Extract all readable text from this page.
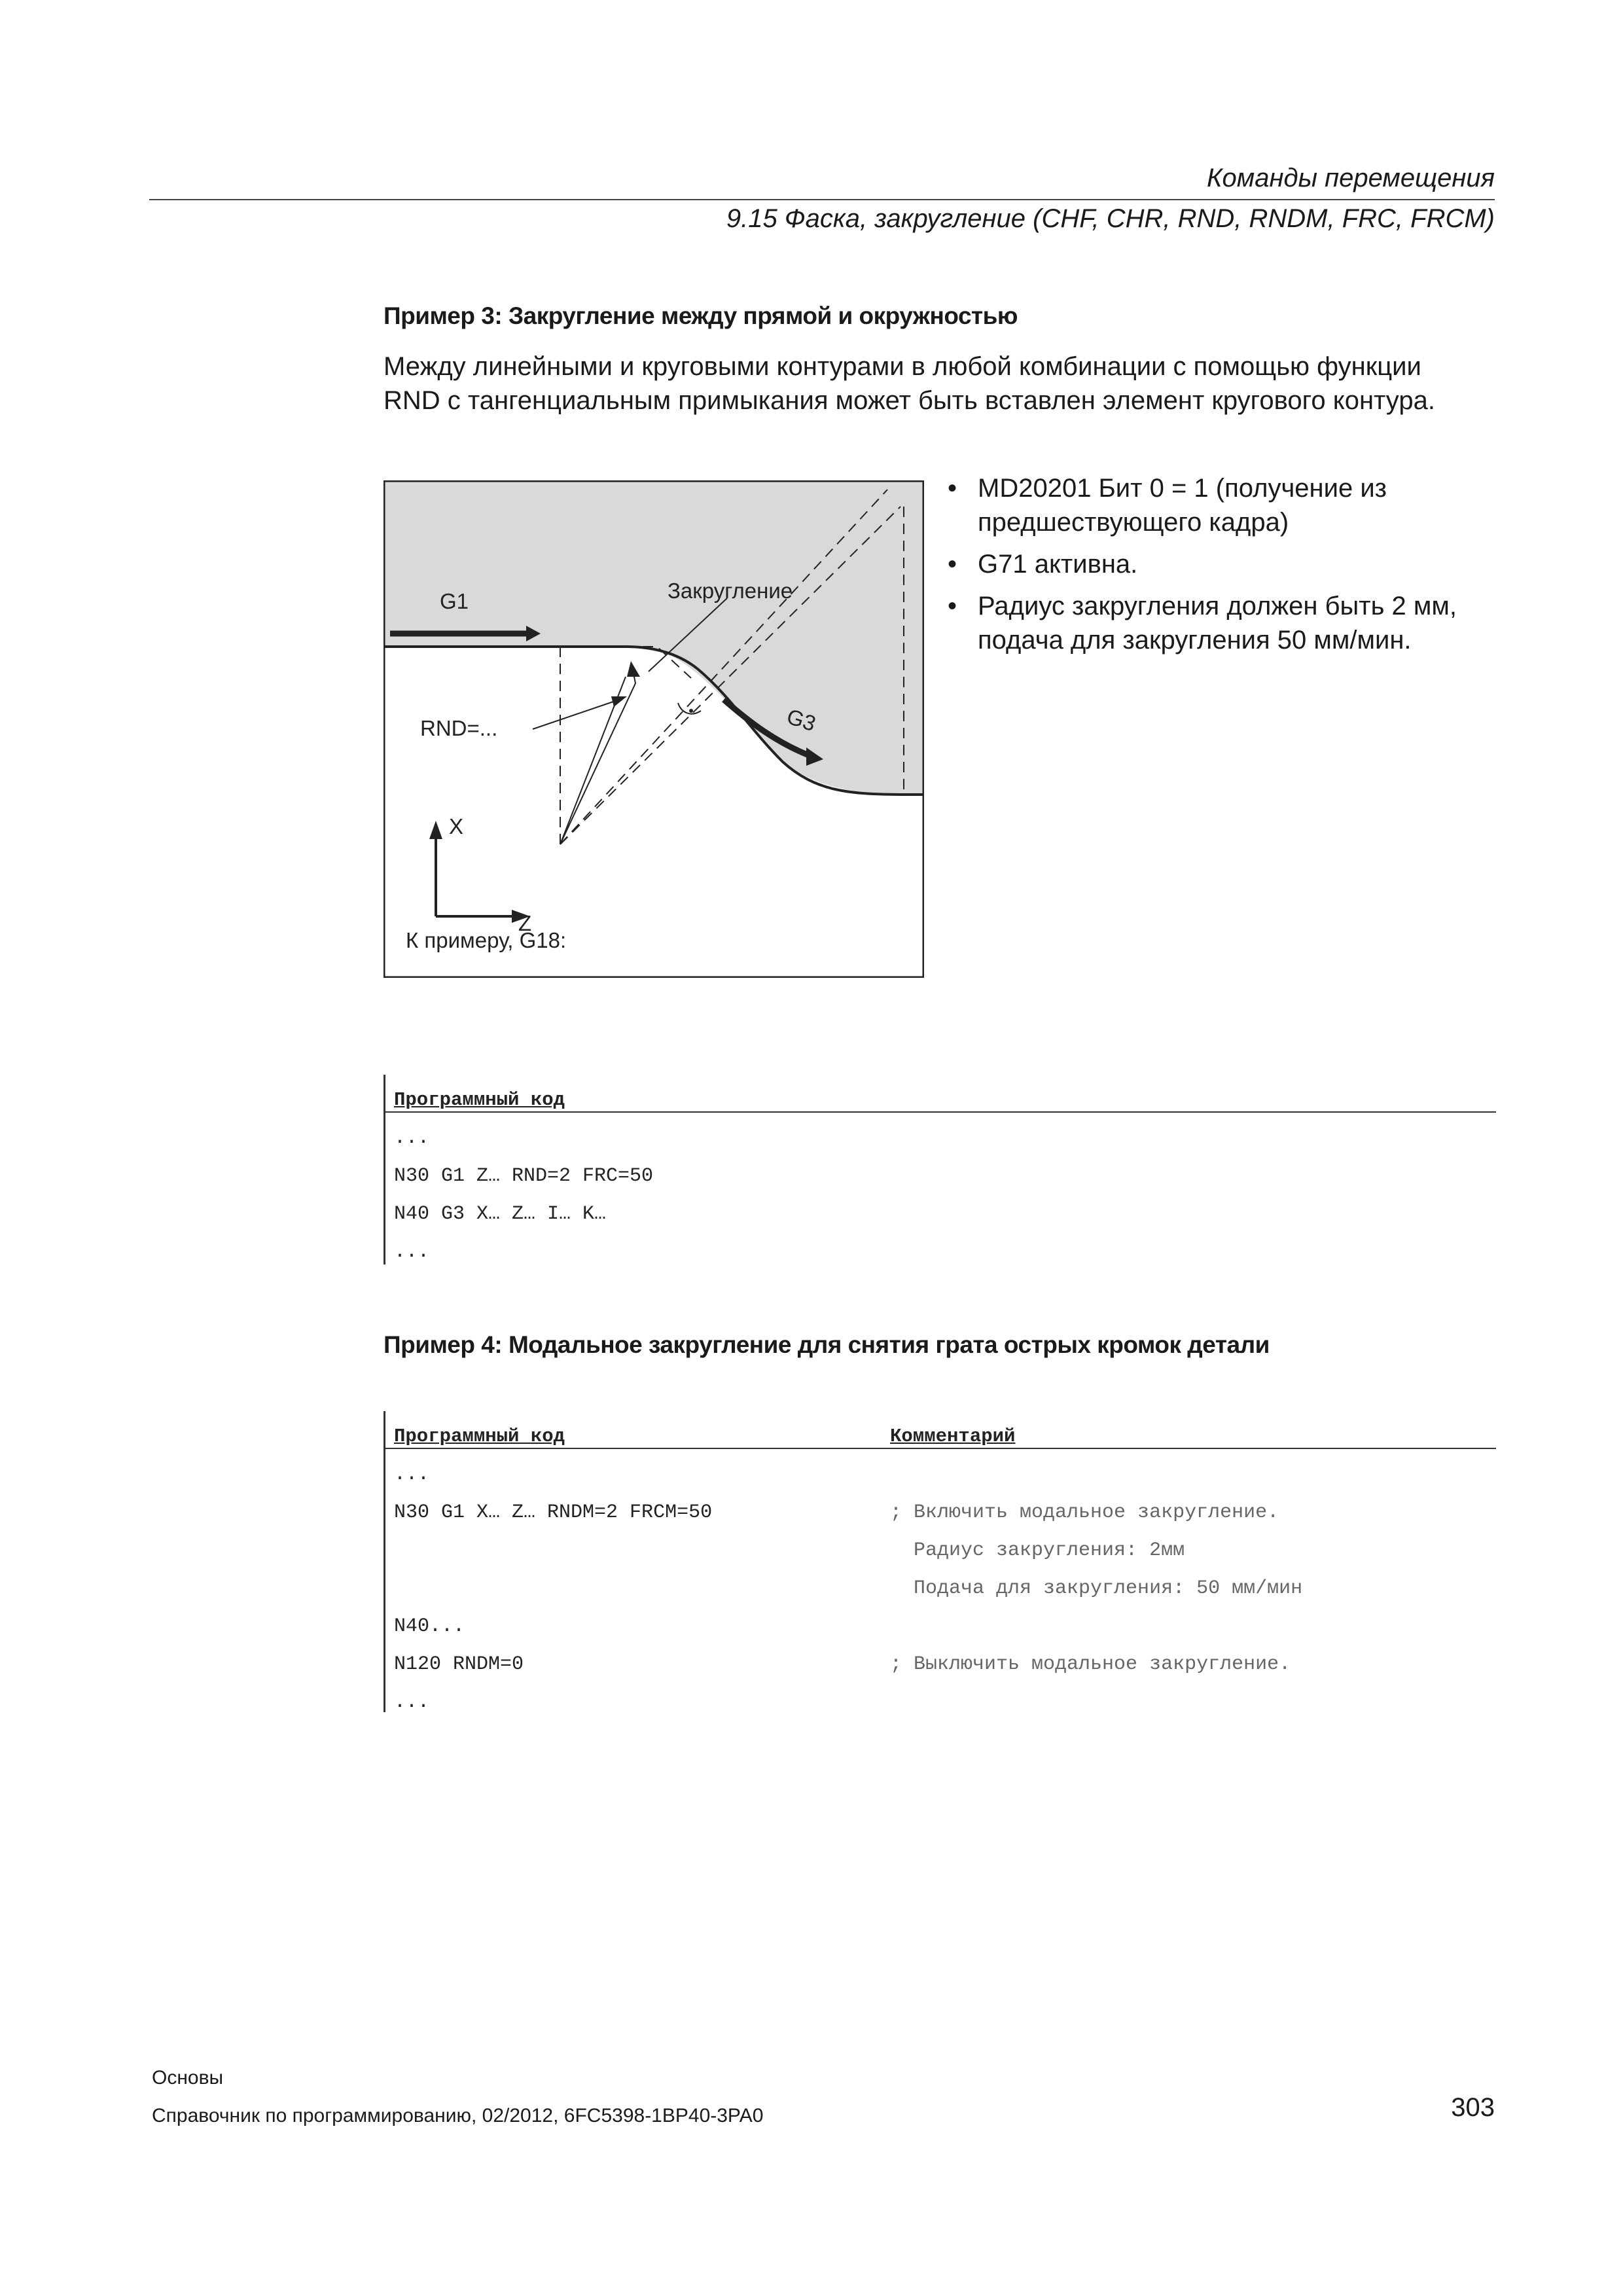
Команды перемещения
9.15 Фаска, закругление (CHF, CHR, RND, RNDM, FRC, FRCM)
Пример 3: Закругление между прямой и окружностью
Между линейными и круговыми контурами в любой комбинации с помощью функции
RND с тангенциальным примыкания может быть вставлен элемент кругового контура.
G1	Закругление
RND=...	G3
X
Z
К примеру, G18:
• MD20201 Бит 0 = 1 (получение из предшествующего кадра)
• G71 активна.
• Радиус закругления должен быть 2 мм, подача для закругления 50 мм/мин.
Программный код
...
N30 G1 Z… RND=2 FRC=50
N40 G3 X… Z… I… K…
...
Пример 4: Модальное закругление для снятия грата острых кромок детали
Программный код	Комментарий
...
N30 G1 X… Z… RNDM=2 FRCM=50	; Включить модальное закругление.
Радиус закругления: 2мм
Подача для закругления: 50 мм/мин
N40...
N120 RNDM=0	; Выключить модальное закругление.
...
Основы
Справочник по программированию, 02/2012, 6FC5398-1BP40-3PA0	303
